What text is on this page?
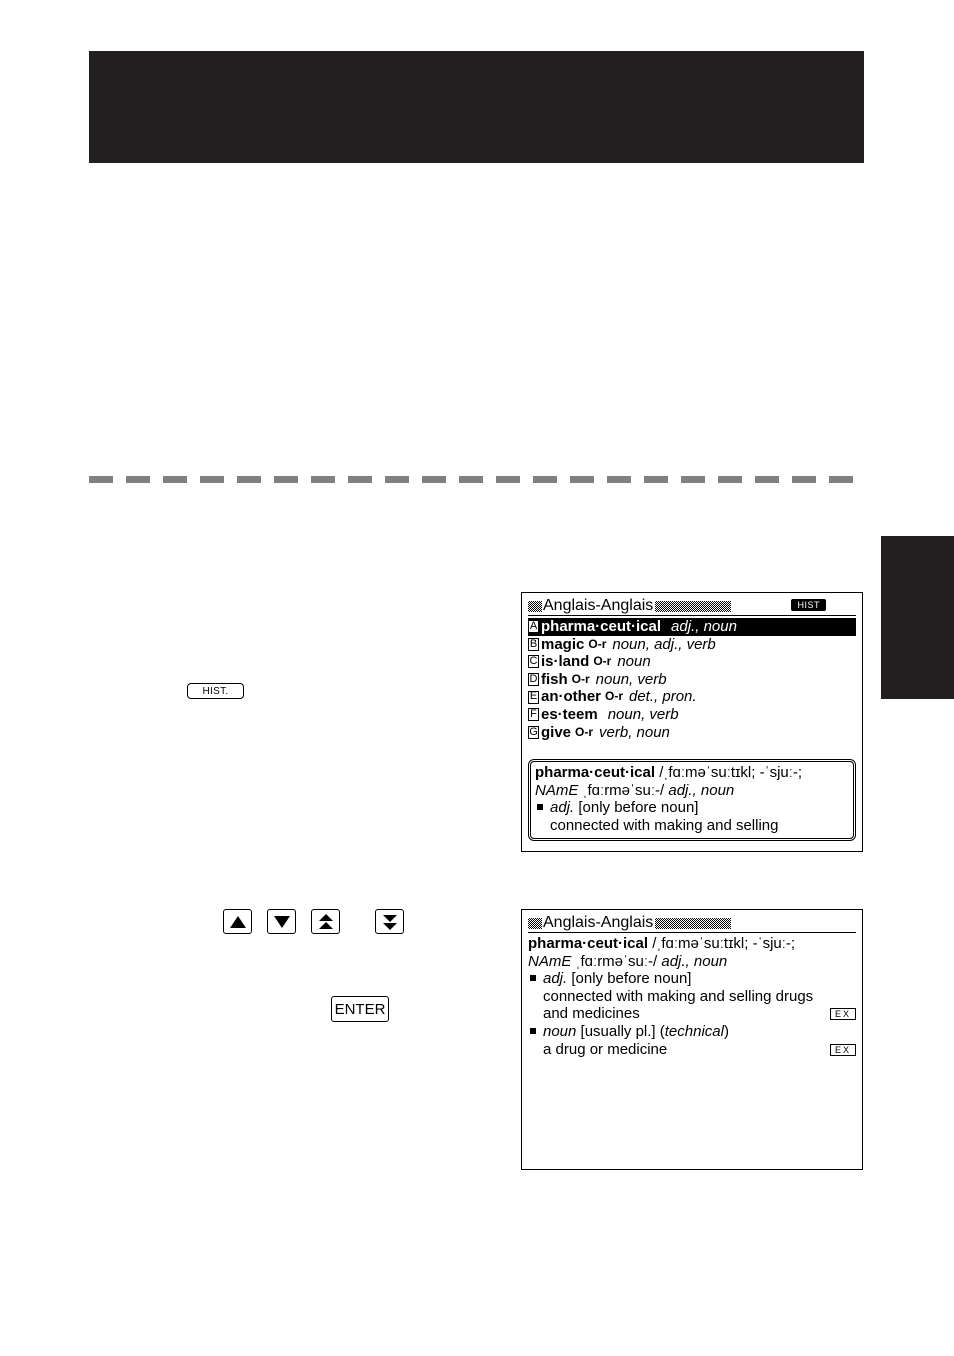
HIST.
ENTER
Anglais-Anglais	HIST
A pharma·ceut·ical adj., noun
B magic O-r noun, adj., verb
C is·land O-r noun
D fish O-r noun, verb
E an·other O-r det., pron.
F es·teem noun, verb
G give O-r verb, noun
pharma·ceut·ical /ˌfɑːməˈsuːtɪkl; -ˈsjuː-;
NAmE ˌfɑːrməˈsuː-/ adj., noun
adj. [only before noun]
connected with making and selling
Anglais-Anglais
pharma·ceut·ical /ˌfɑːməˈsuːtɪkl; -ˈsjuː-;
NAmE ˌfɑːrməˈsuː-/ adj., noun
adj. [only before noun]
connected with making and selling drugs
and medicines	EX
noun [usually pl.] (technical)
a drug or medicine	EX
